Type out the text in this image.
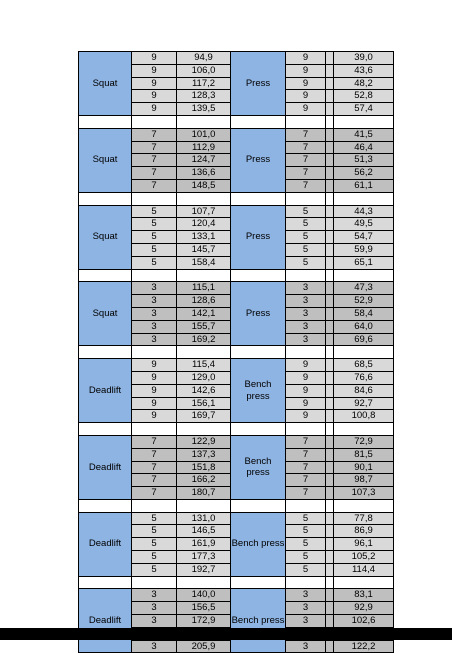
Squat	9	94,9	Press	9		39,0
	9	106,0		9		43,6
	9	117,2		9		48,2
	9	128,3		9		52,8
	9	139,5		9		57,4

Squat	7	101,0	Press	7		41,5
	7	112,9		7		46,4
	7	124,7		7		51,3
	7	136,6		7		56,2
	7	148,5		7		61,1

Squat	5	107,7	Press	5		44,3
	5	120,4		5		49,5
	5	133,1		5		54,7
	5	145,7		5		59,9
	5	158,4		5		65,1

Squat	3	115,1	Press	3		47,3
	3	128,6		3		52,9
	3	142,1		3		58,4
	3	155,7		3		64,0
	3	169,2		3		69,6

Deadlift	9	115,4	Bench press	9		68,5
	9	129,0		9		76,6
	9	142,6		9		84,6
	9	156,1		9		92,7
	9	169,7		9		100,8

Deadlift	7	122,9	Bench press	7		72,9
	7	137,3		7		81,5
	7	151,8		7		90,1
	7	166,2		7		98,7
	7	180,7		7		107,3

Deadlift	5	131,0	Bench press	5		77,8
	5	146,5		5		86,9
	5	161,9		5		96,1
	5	177,3		5		105,2
	5	192,7		5		114,4

Deadlift	3	140,0	Bench press	3		83,1
	3	156,5		3		92,9
	3	172,9		3		102,6

	3	205,9		3		122,2
